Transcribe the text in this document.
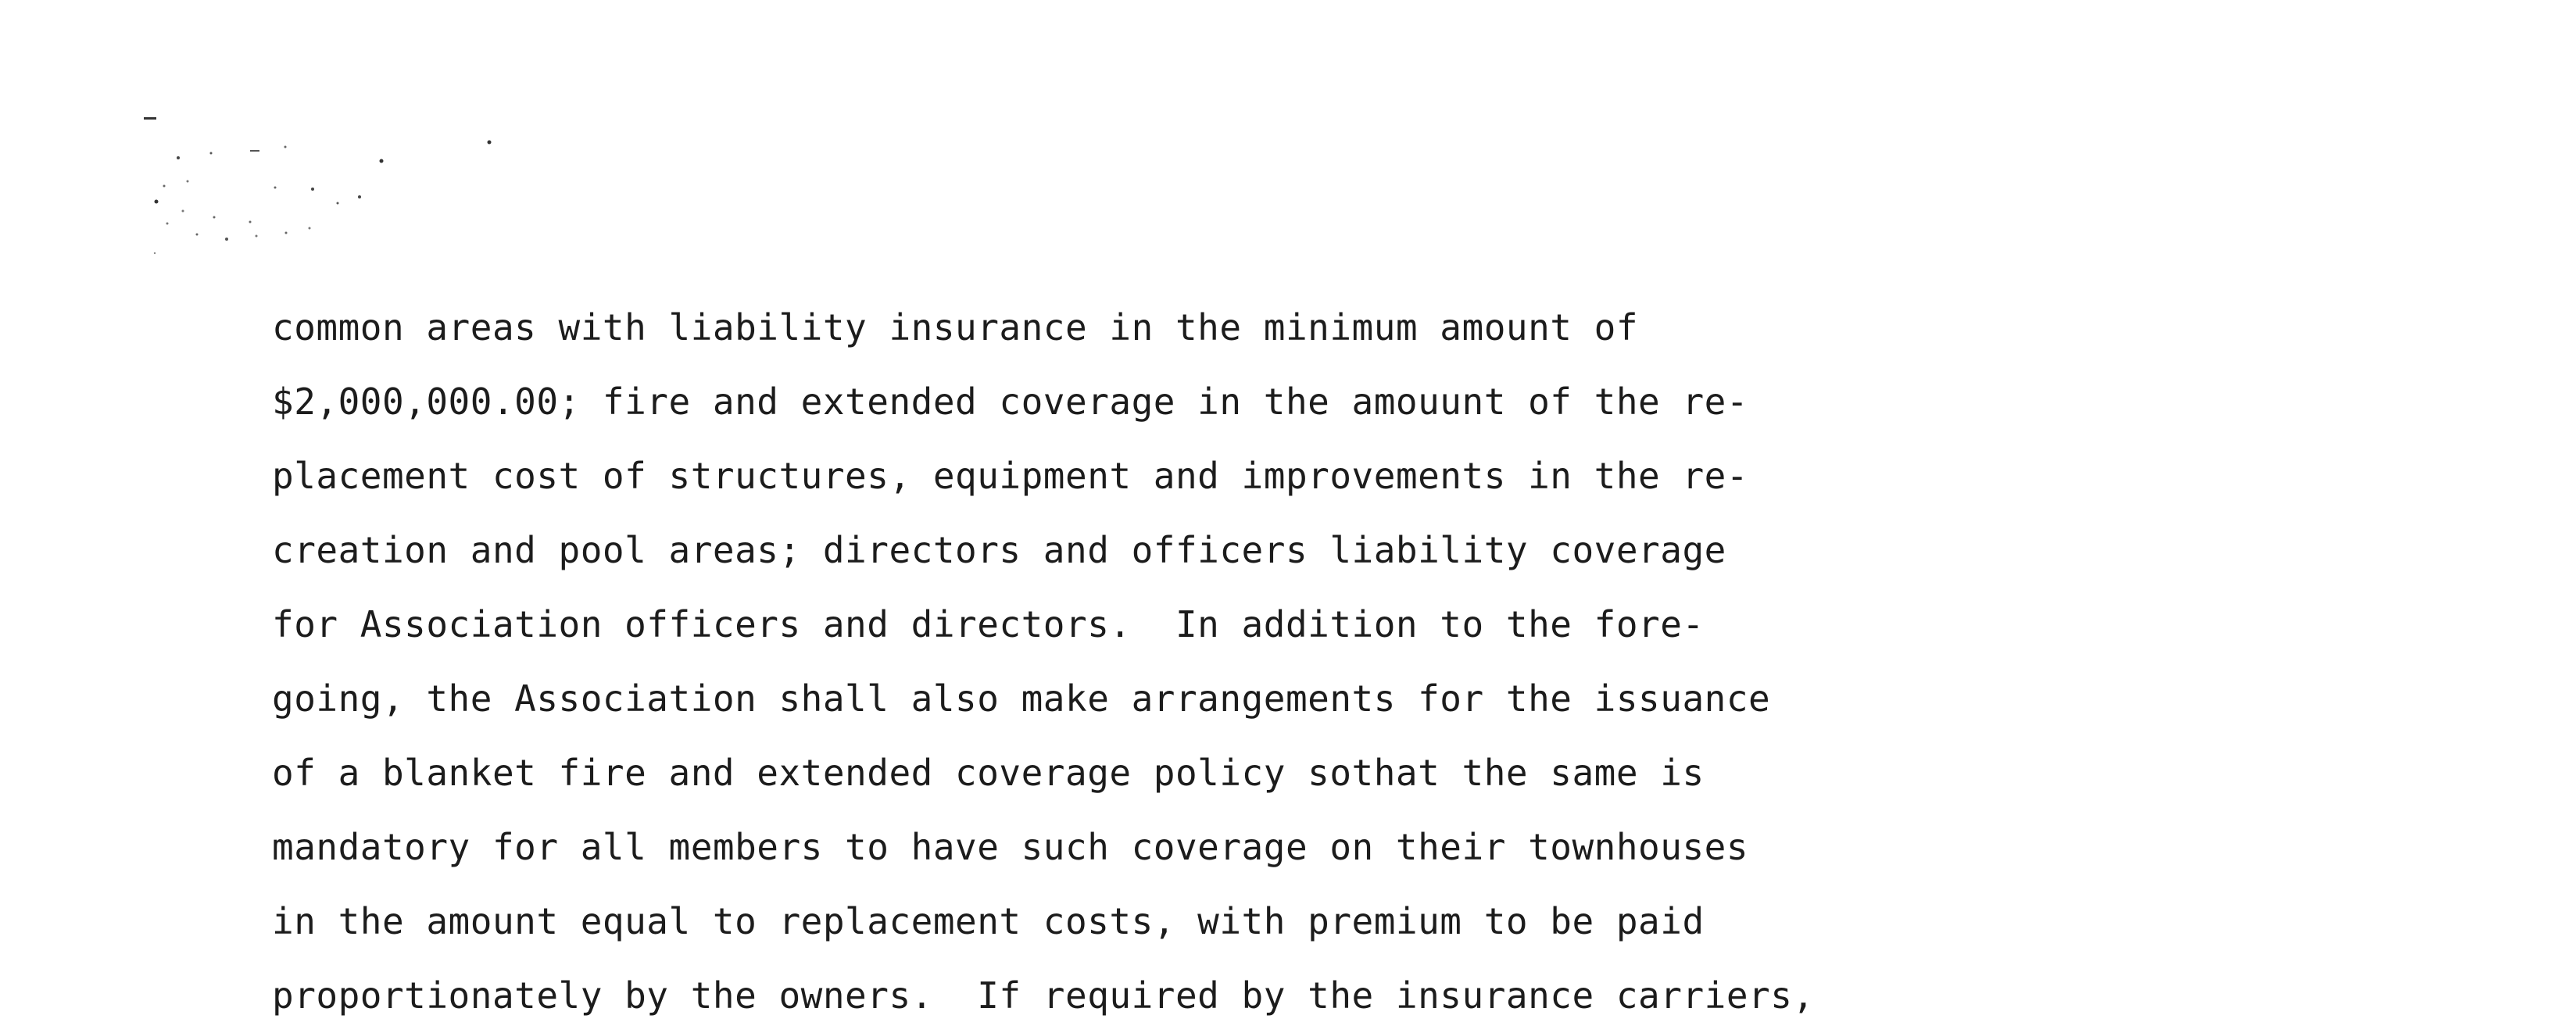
common areas with liability insurance in the minimum amount of
$2,000,000.00; fire and extended coverage in the amouunt of the re-
placement cost of structures, equipment and improvements in the re-
creation and pool areas; directors and officers liability coverage
for Association officers and directors.  In addition to the fore-
going, the Association shall also make arrangements for the issuance
of a blanket fire and extended coverage policy sothat the same is
mandatory for all members to have such coverage on their townhouses
in the amount equal to replacement costs, with premium to be paid
proportionately by the owners.  If required by the insurance carriers,
